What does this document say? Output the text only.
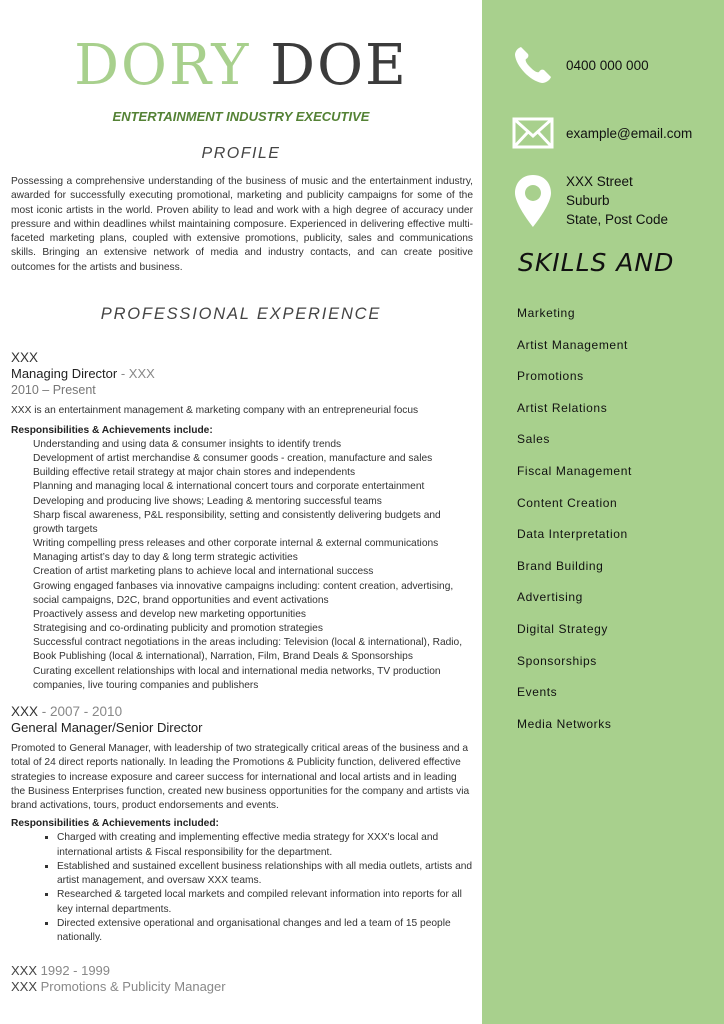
DORY DOE
ENTERTAINMENT INDUSTRY EXECUTIVE
PROFILE

Possessing a comprehensive understanding of the business of music and the entertainment industry, awarded for successfully executing promotional, marketing and publicity campaigns for some of the most iconic artists in the world. Proven ability to lead and work with a high degree of accuracy under pressure and within deadlines whilst maintaining composure. Experienced in delivering effective multi-faceted marketing plans, coupled with extensive promotions, publicity, sales and communications skills. Bringing an extensive network of media and industry contacts, and can create positive outcomes for the artists and business.

PROFESSIONAL EXPERIENCE
XXX
Managing Director - XXX
2010 – Present
XXX is an entertainment management & marketing company with an entrepreneurial focus
Responsibilities & Achievements include:
Understanding and using data & consumer insights to identify trends
Development of artist merchandise & consumer goods - creation, manufacture and sales
Building effective retail strategy at major chain stores and independents
Planning and managing local & international concert tours and corporate entertainment
Developing and producing live shows; Leading & mentoring successful teams
Sharp fiscal awareness, P&L responsibility, setting and consistently delivering budgets and growth targets
Writing compelling press releases and other corporate internal & external communications
Managing artist’s day to day & long term strategic activities
Creation of artist marketing plans to achieve local and international success
Growing engaged fanbases via innovative campaigns including: content creation, advertising, social campaigns, D2C, brand opportunities and event activations
Proactively assess and develop new marketing opportunities
Strategising and co-ordinating publicity and promotion strategies
Successful contract negotiations in the areas including: Television (local & international), Radio, Book Publishing (local & international), Narration, Film, Brand Deals & Sponsorships
Curating excellent relationships with local and international media networks, TV production companies, live touring companies and publishers
XXX - 2007 - 2010
General Manager/Senior Director

Promoted to General Manager, with leadership of two strategically critical areas of the business and a total of 24 direct reports nationally. In leading the Promotions & Publicity function, delivered effective strategies to increase exposure and career success for international and local artists and in leading the Business Enterprises function, created new business opportunities for the company and artists via brand activations, tours, product endorsements and events.

Responsibilities & Achievements included:
▪ Charged with creating and implementing effective media strategy for XXX's local and international artists & Fiscal responsibility for the department.
▪ Established and sustained excellent business relationships with all media outlets, artists and artist management, and oversaw XXX teams.
▪ Researched & targeted local markets and compiled relevant information into reports for all key internal departments.
▪ Directed extensive operational and organisational changes and led a team of 15 people nationally.
XXX 1992 - 1999
XXX Promotions & Publicity Manager
0400 000 000
example@email.com
XXX Street
Suburb
State, Post Code
SKILLS AND
Marketing
Artist Management
Promotions
Artist Relations
Sales
Fiscal Management
Content Creation
Data Interpretation
Brand Building
Advertising
Digital Strategy
Sponsorships
Events
Media Networks
